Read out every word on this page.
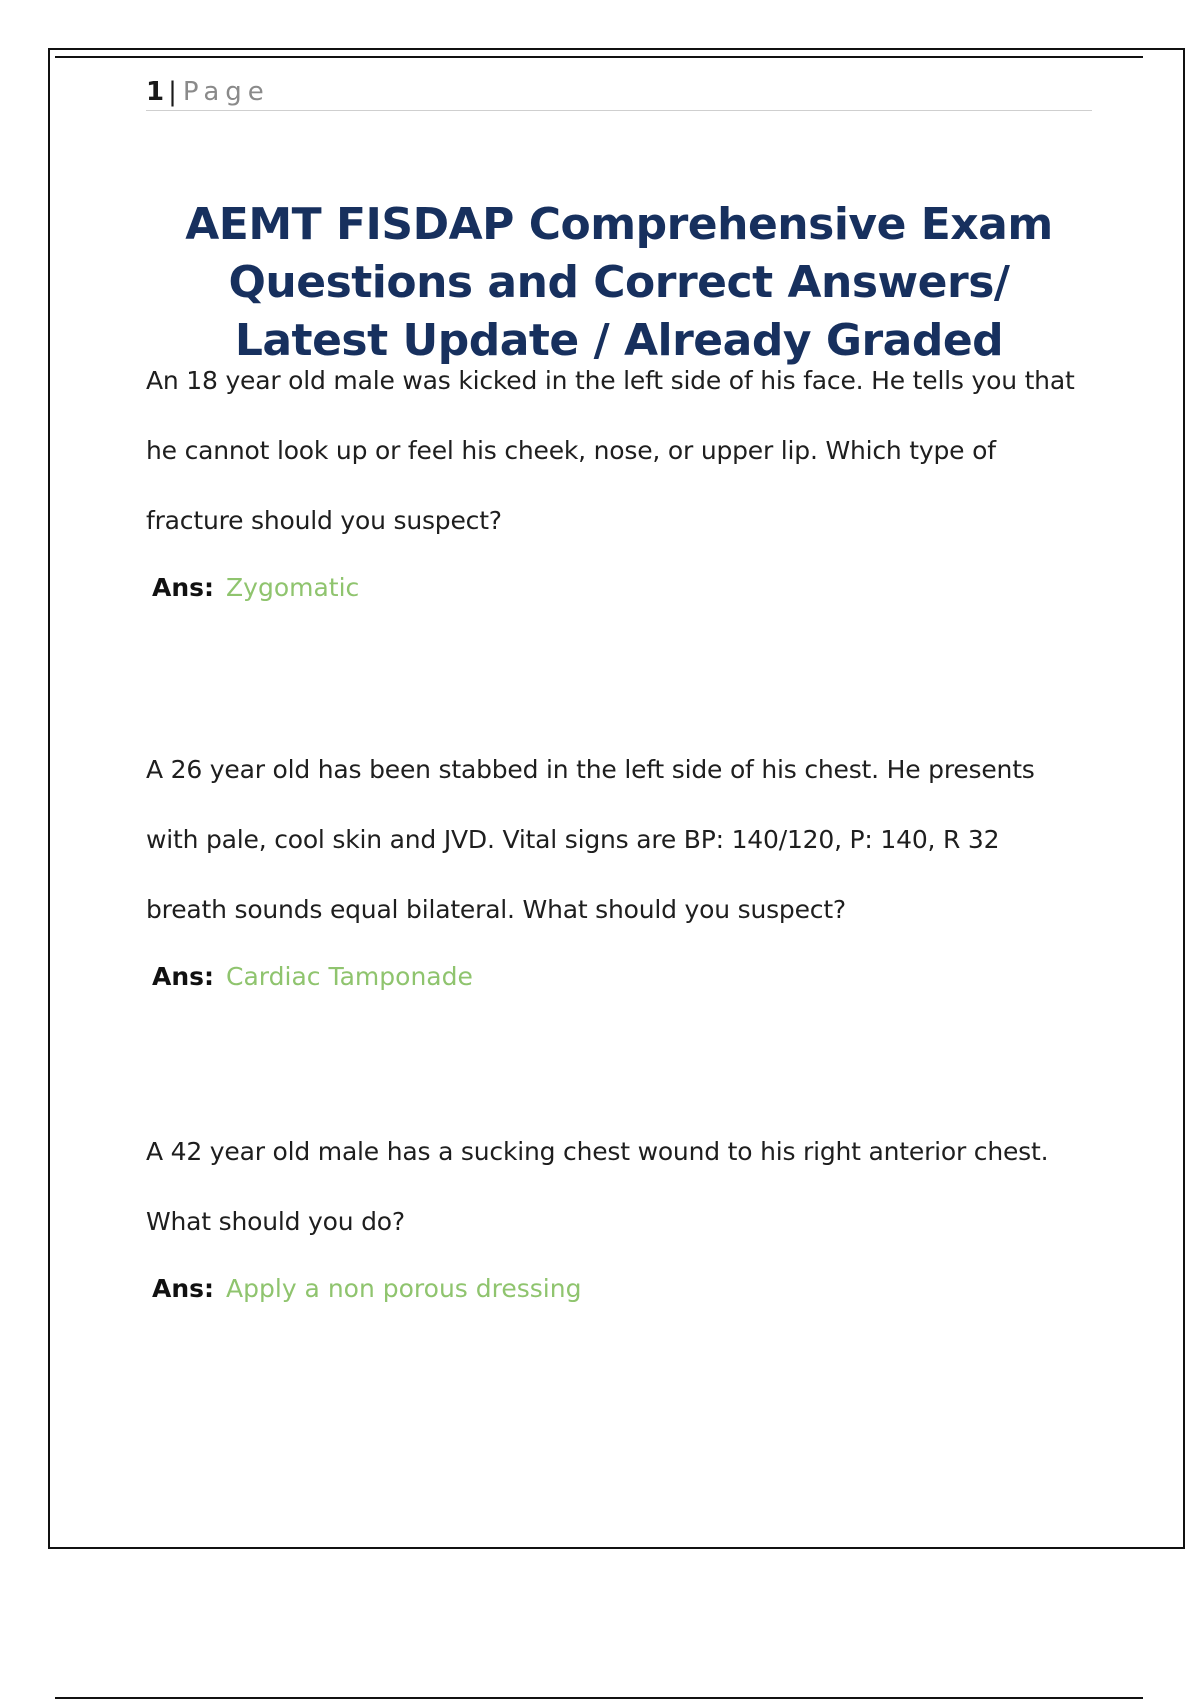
1 | Page
AEMT FISDAP Comprehensive Exam Questions and Correct Answers/ Latest Update / Already Graded

An 18 year old male was kicked in the left side of his face. He tells you that he cannot look up or feel his cheek, nose, or upper lip. Which type of fracture should you suspect?

Ans: Zygomatic

A 26 year old has been stabbed in the left side of his chest. He presents with pale, cool skin and JVD. Vital signs are BP: 140/120, P: 140, R 32 breath sounds equal bilateral. What should you suspect?

Ans: Cardiac Tamponade

A 42 year old male has a sucking chest wound to his right anterior chest. What should you do?

Ans: Apply a non porous dressing
